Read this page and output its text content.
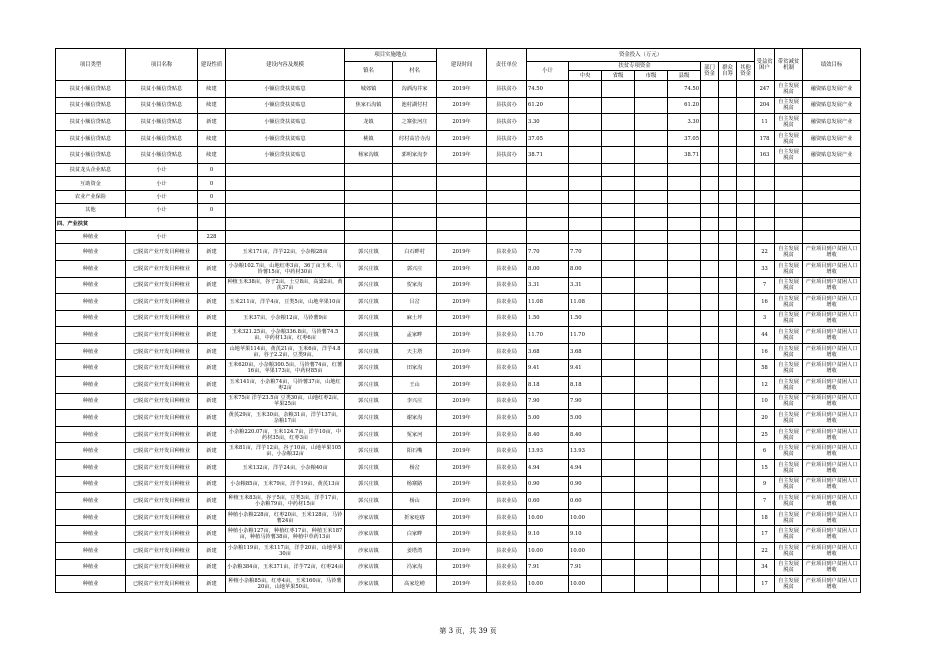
项目类型	项目名称	建设性质	建设内容及规模	项目实施地点		建设时间	责任单位	资金投入（万元）								受益贫困户	带贫减贫机制	绩效目标
				镇名	村名			小计	扶贫专项资金				部门资金	群众自筹	其他资金			
									中央	省级	市级	县级						
扶贫小额信贷贴息	扶贫小额信贷贴息	续建	小额信贷扶贫贴息	城郊镇	沟酒沟井家	2019年	县扶贫办	74.50				74.50				247	自主发展脱贫	融资贴息发展产业
扶贫小额信贷贴息	扶贫小额信贷贴息	续建	小额信贷扶贫贴息	焦家石沟镇	池村湖付村	2019年	县扶贫办	61.20				61.20				204	自主发展脱贫	融资贴息发展产业
扶贫小额信贷贴息	扶贫小额信贷贴息	新建	小额信贷扶贫贴息	龙镇	之寨张河庄	2019年	县扶贫办	3.30				3.30				11	自主发展脱贫	融资贴息发展产业
扶贫小额信贷贴息	扶贫小额信贷贴息	续建	小额信贷扶贫贴息	桃镇	纣村高岩寺沟	2019年	县扶贫办	37.05				37.05				178	自主发展脱贫	融资贴息发展产业
扶贫小额信贷贴息	扶贫小额信贷贴息	续建	小额信贷扶贫贴息	杨家沟镇	郭明家沟李	2019年	县扶贫办	38.71				38.71				163	自主发展脱贫	融资贴息发展产业
扶贫龙头企业贴息	小计	0																
互助资金	小计	0																
农业产业保险	小计	0																
其他	小计	0																
四、产业扶贫																		
种植业	小计	228																
种植业	已脱贫产业开发目种植业	新建	玉米171亩，洋芋22亩，小杂粮28亩	郭兴庄镇	白石畔村	2019年	县农业局	7.70	7.70							22	自主发展脱贫	产业项目到户贫困人口增收
种植业	已脱贫产业开发目种植业	新建	小杂粮102.7亩，山地红枣3亩，36丁亩玉米、马铃薯15亩，中药材30亩	郭兴庄镇	郭兴庄	2019年	县农业局	8.00	8.00							33	自主发展脱贫	产业项目到户贫困人口增收
种植业	已脱贫产业开发目种植业	新建	种植玉米38亩，谷子2亩，土豆8亩，高粱2亩，黄芪37亩	郭兴庄镇	贺家沟	2019年	县农业局	3.31	3.31							7	自主发展脱贫	产业项目到户贫困人口增收
种植业	已脱贫产业开发目种植业	新建	玉米211亩，洋芋4亩，豆类5亩，山地苹果10亩	郭兴庄镇	吕岔	2019年	县农业局	11.08	11.08							16	自主发展脱贫	产业项目到户贫困人口增收
种植业	已脱贫产业开发目种植业	新建	玉米37亩，小杂粮12亩，马铃薯9亩	郭兴庄镇	麻土坪	2019年	县农业局	1.50	1.50							3	自主发展脱贫	产业项目到户贫困人口增收
种植业	已脱贫产业开发目种植业	新建	玉米321.25亩，小杂粮336.8亩，马铃薯74.5亩，中药材13亩，红枣6亩	郭兴庄镇	孟家畔	2019年	县农业局	11.70	11.70							44	自主发展脱贫	产业项目到户贫困人口增收
种植业	已脱贫产业开发目种植业	新建	山地苹果114亩，黄芪21亩，玉米6亩，洋芋4.8亩，谷子2.2亩，豆类9亩。	郭兴庄镇	天主塔	2019年	县农业局	3.68	3.68							16	自主发展脱贫	产业项目到户贫困人口增收
种植业	已脱贫产业开发目种植业	新建	玉米620亩，小杂粮300.5亩，马铃薯74亩，红薯16亩，苹果173亩，中药材85亩	郭兴庄镇	田家沟	2019年	县农业局	9.41	9.41							58	自主发展脱贫	产业项目到户贫困人口增收
种植业	已脱贫产业开发目种植业	新建	玉米141亩，小杂粮74亩，马铃薯37亩，山地红枣2亩	郭兴庄镇	王山	2019年	县农业局	8.18	8.18							12	自主发展脱贫	产业项目到户贫困人口增收
种植业	已脱贫产业开发目种植业	新建	玉米75亩 洋芋23.5亩 豆类30亩。山地红枣2亩，苹果25亩	郭兴庄镇	李兴庄	2019年	县农业局	7.90	7.90							10	自主发展脱贫	产业项目到户贫困人口增收
种植业	已脱贫产业开发目种植业	新建	黄芪29亩，玉米30亩，杂粮31亩，洋芋137亩，杂粮17亩	郭兴庄镇	谢家沟	2019年	县农业局	5.00	5.00							20	自主发展脱贫	产业项目到户贫困人口增收
种植业	已脱贫产业开发目种植业	新建	小杂粮220.07亩，玉米124.7亩，洋芋10亩，中药材35亩，红枣3亩	郭兴庄镇	冤家河	2019年	县农业局	8.40	8.40							25	自主发展脱贫	产业项目到户贫困人口增收
种植业	已脱贫产业开发目种植业	新建	玉米81亩，洋芋12亩，谷子10亩，山地苹果105亩，小杂粮32亩	郭兴庄镇	阳石嘴	2019年	县农业局	13.93	13.93							6	自主发展脱贫	产业项目到户贫困人口增收
种植业	已脱贫产业开发目种植业	新建	玉米132亩，洋芋24亩，小杂粮40亩	郭兴庄镇	杨岔	2019年	县农业局	4.94	4.94							15	自主发展脱贫	产业项目到户贫困人口增收
种植业	已脱贫产业开发目种植业	新建	小杂粮85亩，玉米79亩，洋芋19亩，黄芪13亩	郭兴庄镇	杨寨路	2019年	县农业局	0.90	0.90							9	自主发展脱贫	产业项目到户贫困人口增收
种植业	已脱贫产业开发目种植业	新建	种植玉米83亩，谷子5亩，豆类3亩，洋芋17亩，小杂粮79亩，中药材15亩	郭兴庄镇	杨山	2019年	县农业局	0.60	0.60							7	自主发展脱贫	产业项目到户贫困人口增收
种植业	已脱贫产业开发目种植业	新建	种植小杂粮228亩，红枣20亩，玉米128亩，马铃薯24亩	沙家店镇	折家疙瘩	2019年	县农业局	10.00	10.00							18	自主发展脱贫	产业项目到户贫困人口增收
种植业	已脱贫产业开发目种植业	新建	种植小杂粮127亩，种植红枣17亩，种植玉米187亩，种植马铃薯38亩，种植中草药13亩	沙家店镇	白家畔	2019年	县农业局	9.10	9.10							17	自主发展脱贫	产业项目到户贫困人口增收
种植业	已脱贫产业开发目种植业	新建	小杂粮119亩，玉米117亩，洋芋20亩，山地苹果30亩	沙家店镇	姜塔湾	2019年	县农业局	10.00	10.00							22	自主发展脱贫	产业项目到户贫困人口增收
种植业	已脱贫产业开发目种植业	新建	小杂粮384亩，玉米371亩，洋芋72亩，红枣24亩	沙家店镇	冯家沟	2019年	县农业局	7.91	7.91							34	自主发展脱贫	产业项目到户贫困人口增收
种植业	已脱贫产业开发目种植业	新建	种植小杂粮85亩，红枣4亩，玉米160亩，马铃薯20亩，山地苹果50亩。	沙家店镇	高家圪崂	2019年	县农业局	10.00	10.00							17	自主发展脱贫	产业项目到户贫困人口增收
第 3 页，共 39 页
